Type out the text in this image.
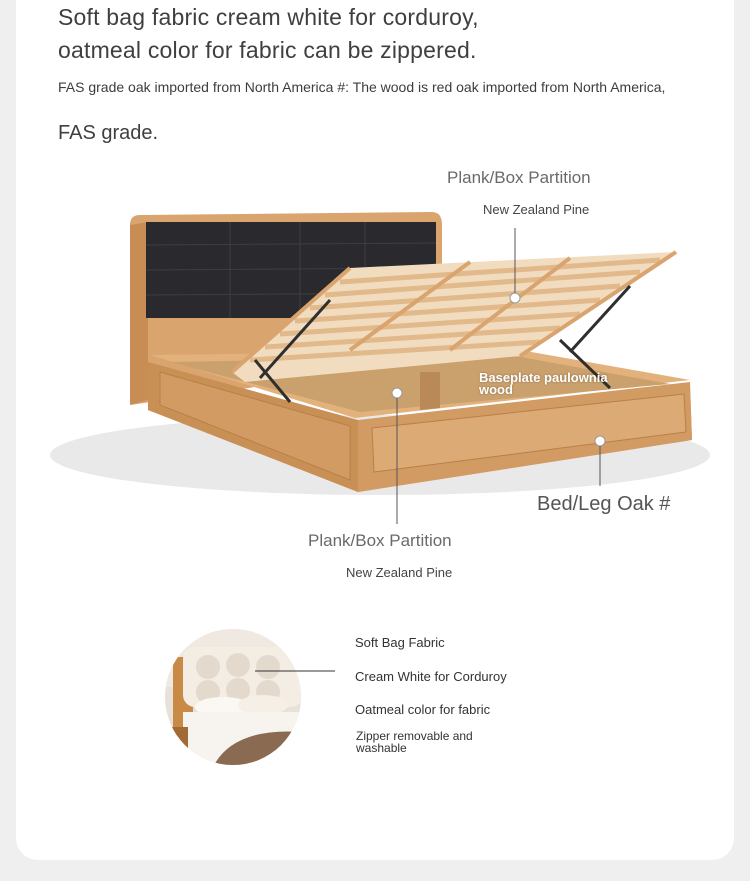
Soft bag fabric cream white for corduroy,
oatmeal color for fabric can be zippered.
FAS grade oak imported from North America #: The wood is red oak imported from North America,
FAS grade.
Plank/Box Partition
New Zealand Pine
Baseplate paulownia wood
Bed/Leg Oak #
Plank/Box Partition
New Zealand Pine
Soft Bag Fabric
Cream White for Corduroy
Oatmeal color for fabric
Zipper removable and washable
